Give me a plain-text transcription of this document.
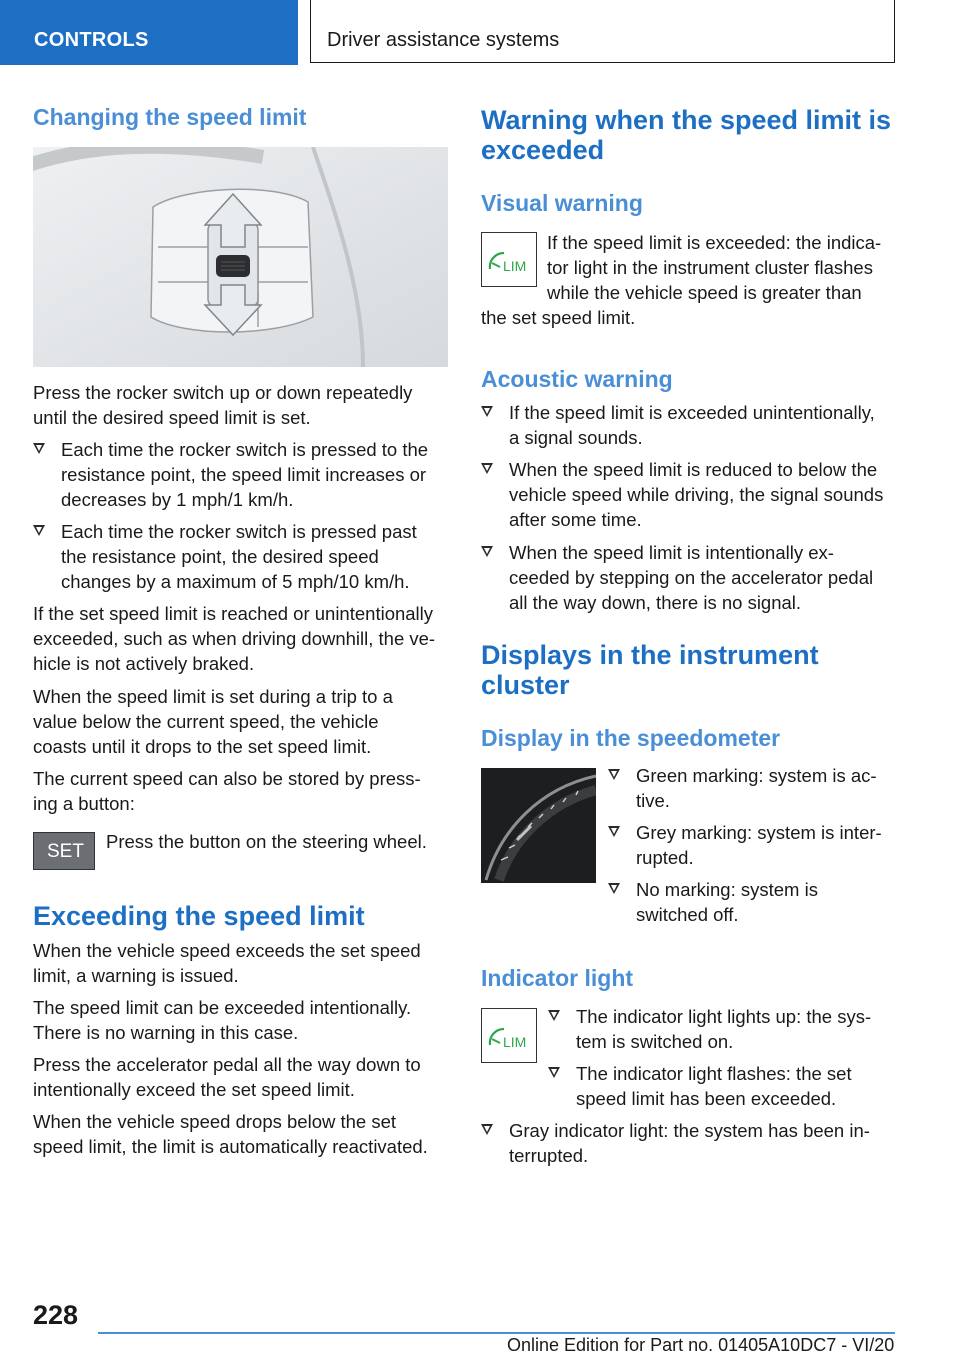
CONTROLS	Driver assistance systems
Changing the speed limit

Press the rocker switch up or down repeatedly
until the desired speed limit is set.

Each time the rocker switch is pressed to the
resistance point, the speed limit increases or
decreases by 1 mph/1 km/h.
Each time the rocker switch is pressed past
the resistance point, the desired speed
changes by a maximum of 5 mph/10 km/h.

If the set speed limit is reached or unintentionally
exceeded, such as when driving downhill, the ve-
hicle is not actively braked.

When the speed limit is set during a trip to a
value below the current speed, the vehicle
coasts until it drops to the set speed limit.

The current speed can also be stored by press-
ing a button:

SET Press the button on the steering wheel.

Exceeding the speed limit

When the vehicle speed exceeds the set speed
limit, a warning is issued.

The speed limit can be exceeded intentionally.
There is no warning in this case.

Press the accelerator pedal all the way down to
intentionally exceed the set speed limit.

When the vehicle speed drops below the set
speed limit, the limit is automatically reactivated.

Warning when the speed limit is
exceeded
Visual warning
LIM

If the speed limit is exceeded: the indica-
tor light in the instrument cluster flashes
while the vehicle speed is greater than

the set speed limit.

Acoustic warning
If the speed limit is exceeded unintentionally,
a signal sounds.
When the speed limit is reduced to below the
vehicle speed while driving, the signal sounds
after some time.
When the speed limit is intentionally ex-
ceeded by stepping on the accelerator pedal
all the way down, there is no signal.
Displays in the instrument
cluster
Display in the speedometer
Green marking: system is ac-
tive.
Grey marking: system is inter-
rupted.
No marking: system is
switched off.
Indicator light
LIM
The indicator light lights up: the sys-
tem is switched on.
The indicator light flashes: the set
speed limit has been exceeded.
Gray indicator light: the system has been in-
terrupted.
228
Online Edition for Part no. 01405A10DC7 - VI/20
